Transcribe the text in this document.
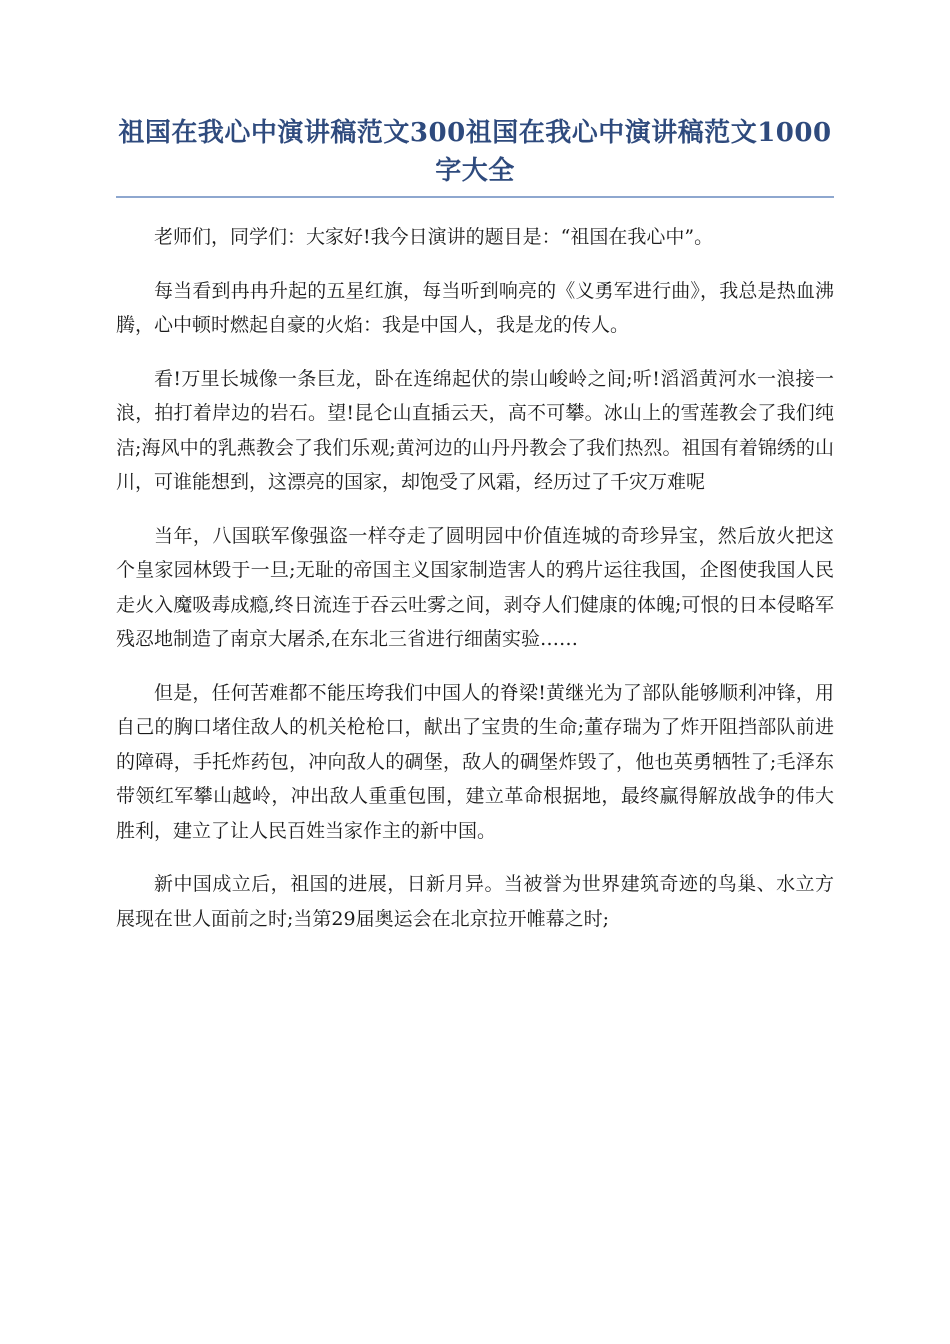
祖国在我心中演讲稿范文300祖国在我心中演讲稿范文1000字大全

老师们，同学们：大家好!我今日演讲的题目是：“祖国在我心中”。

每当看到冉冉升起的五星红旗，每当听到响亮的《义勇军进行曲》，我总是热血沸腾，心中顿时燃起自豪的火焰：我是中国人，我是龙的传人。

看!万里长城像一条巨龙，卧在连绵起伏的崇山峻岭之间;听!滔滔黄河水一浪接一浪，拍打着岸边的岩石。望!昆仑山直插云天，高不可攀。冰山上的雪莲教会了我们纯洁;海风中的乳燕教会了我们乐观;黄河边的山丹丹教会了我们热烈。祖国有着锦绣的山川，可谁能想到，这漂亮的国家，却饱受了风霜，经历过了千灾万难呢

当年，八国联军像强盗一样夺走了圆明园中价值连城的奇珍异宝，然后放火把这个皇家园林毁于一旦;无耻的帝国主义国家制造害人的鸦片运往我国，企图使我国人民走火入魔吸毒成瘾,终日流连于吞云吐雾之间，剥夺人们健康的体魄;可恨的日本侵略军残忍地制造了南京大屠杀,在东北三省进行细菌实验……

但是，任何苦难都不能压垮我们中国人的脊梁!黄继光为了部队能够顺利冲锋，用自己的胸口堵住敌人的机关枪枪口，献出了宝贵的生命;董存瑞为了炸开阻挡部队前进的障碍，手托炸药包，冲向敌人的碉堡，敌人的碉堡炸毁了，他也英勇牺牲了;毛泽东带领红军攀山越岭，冲出敌人重重包围，建立革命根据地，最终赢得解放战争的伟大胜利，建立了让人民百姓当家作主的新中国。

新中国成立后，祖国的进展，日新月异。当被誉为世界建筑奇迹的鸟巢、水立方展现在世人面前之时;当第29届奥运会在北京拉开帷幕之时;
